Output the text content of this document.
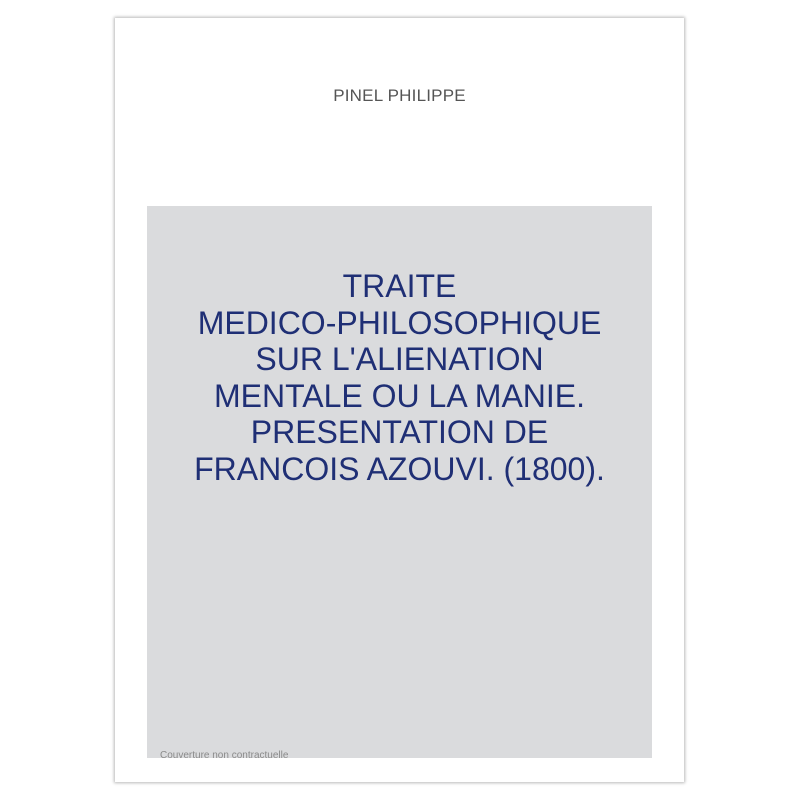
PINEL PHILIPPE
TRAITE
MEDICO-PHILOSOPHIQUE
SUR L'ALIENATION
MENTALE OU LA MANIE.
PRESENTATION DE
FRANCOIS AZOUVI. (1800).
Couverture non contractuelle
